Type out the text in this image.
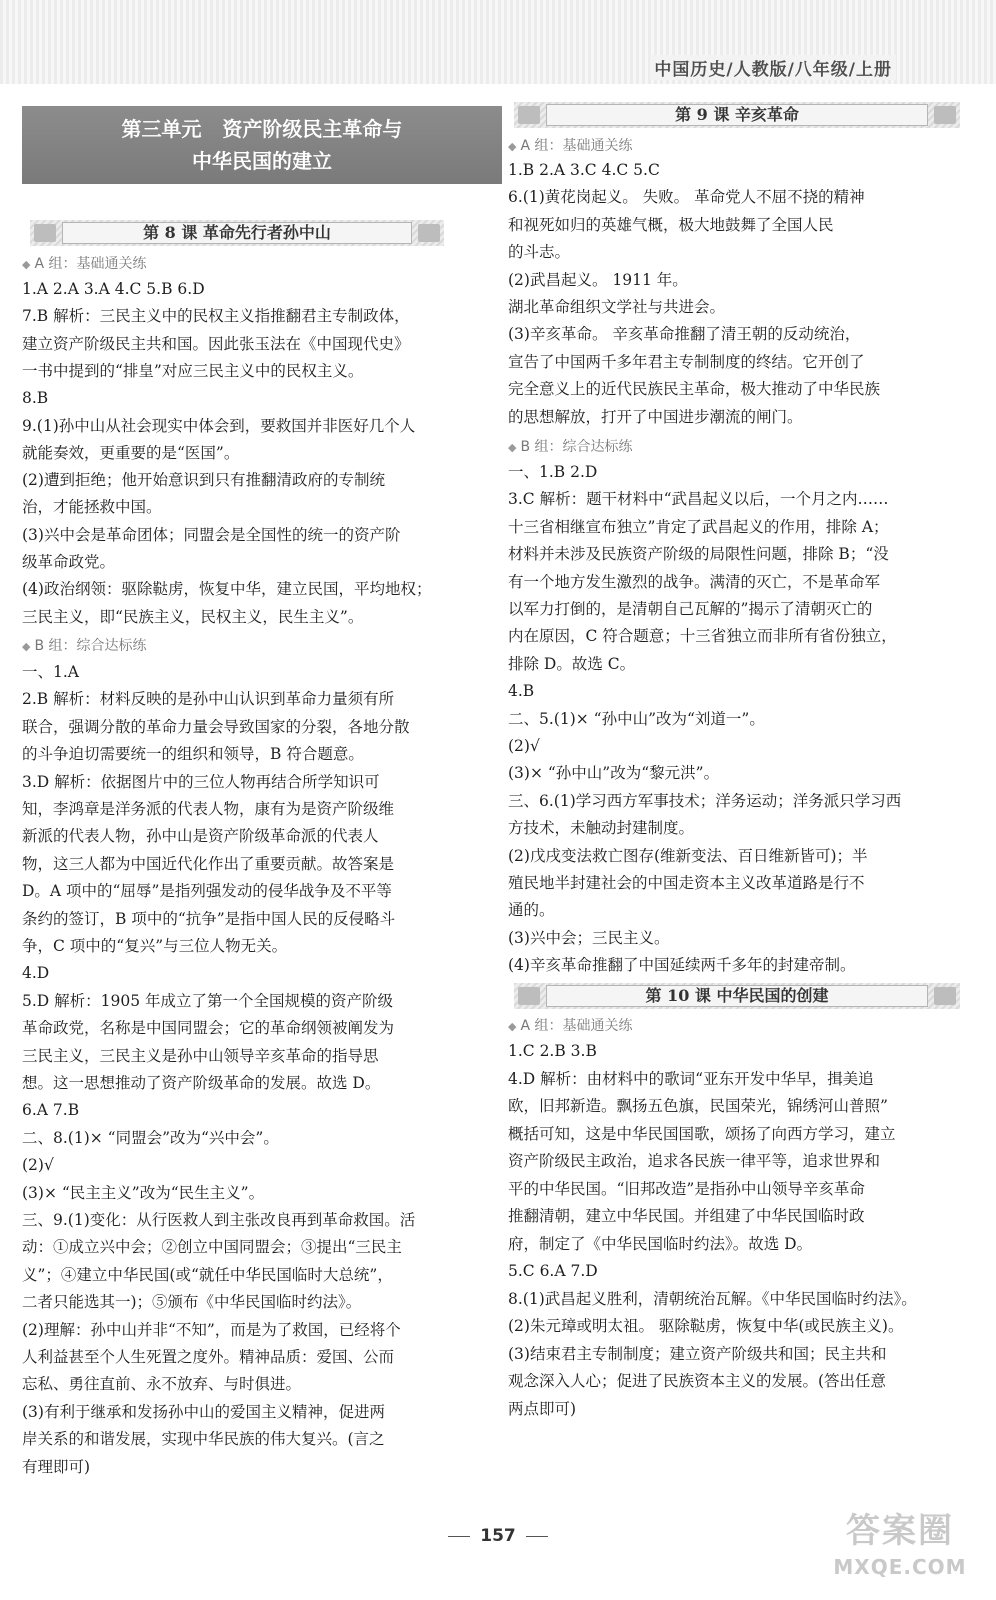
中国历史/人教版/八年级/上册
第三单元   资产阶级民主革命与
中华民国的建立
第 8 课 革命先行者孙中山
◆ A 组：基础通关练
1.A 2.A 3.A 4.C 5.B 6.D
7.B 解析：三民主义中的民权主义指推翻君主专制政体，
建立资产阶级民主共和国。因此张玉法在《中国现代史》
一书中提到的“排皇”对应三民主义中的民权主义。
8.B
9.(1)孙中山从社会现实中体会到，要救国并非医好几个人
就能奏效，更重要的是“医国”。
(2)遭到拒绝；他开始意识到只有推翻清政府的专制统
治，才能拯救中国。
(3)兴中会是革命团体；同盟会是全国性的统一的资产阶
级革命政党。
(4)政治纲领：驱除鞑虏，恢复中华，建立民国，平均地权；
三民主义，即“民族主义，民权主义，民生主义”。
◆ B 组：综合达标练
一、1.A
2.B 解析：材料反映的是孙中山认识到革命力量须有所
联合，强调分散的革命力量会导致国家的分裂，各地分散
的斗争迫切需要统一的组织和领导，B 符合题意。
3.D 解析：依据图片中的三位人物再结合所学知识可
知，李鸿章是洋务派的代表人物，康有为是资产阶级维
新派的代表人物，孙中山是资产阶级革命派的代表人
物，这三人都为中国近代化作出了重要贡献。故答案是
D。A 项中的“屈辱”是指列强发动的侵华战争及不平等
条约的签订，B 项中的“抗争”是指中国人民的反侵略斗
争，C 项中的“复兴”与三位人物无关。
4.D
5.D 解析：1905 年成立了第一个全国规模的资产阶级
革命政党，名称是中国同盟会；它的革命纲领被阐发为
三民主义，三民主义是孙中山领导辛亥革命的指导思
想。这一思想推动了资产阶级革命的发展。故选 D。
6.A 7.B
二、8.(1)× “同盟会”改为“兴中会”。
(2)√
(3)× “民主主义”改为“民生主义”。
三、9.(1)变化：从行医救人到主张改良再到革命救国。活
动：①成立兴中会；②创立中国同盟会；③提出“三民主
义”；④建立中华民国(或“就任中华民国临时大总统”，
二者只能选其一)；⑤颁布《中华民国临时约法》。
(2)理解：孙中山并非“不知”，而是为了救国，已经将个
人利益甚至个人生死置之度外。精神品质：爱国、公而
忘私、勇往直前、永不放弃、与时俱进。
(3)有利于继承和发扬孙中山的爱国主义精神，促进两
岸关系的和谐发展，实现中华民族的伟大复兴。(言之
有理即可)
第 9 课 辛亥革命
◆ A 组：基础通关练
1.B 2.A 3.C 4.C 5.C
6.(1)黄花岗起义。 失败。 革命党人不屈不挠的精神
和视死如归的英雄气概，极大地鼓舞了全国人民
的斗志。
(2)武昌起义。 1911 年。
湖北革命组织文学社与共进会。
(3)辛亥革命。 辛亥革命推翻了清王朝的反动统治，
宣告了中国两千多年君主专制制度的终结。它开创了
完全意义上的近代民族民主革命，极大推动了中华民族
的思想解放，打开了中国进步潮流的闸门。
◆ B 组：综合达标练
一、1.B 2.D
3.C 解析：题干材料中“武昌起义以后，一个月之内……
十三省相继宣布独立”肯定了武昌起义的作用，排除 A；
材料并未涉及民族资产阶级的局限性问题，排除 B；“没
有一个地方发生激烈的战争。满清的灭亡，不是革命军
以军力打倒的，是清朝自己瓦解的”揭示了清朝灭亡的
内在原因，C 符合题意；十三省独立而非所有省份独立，
排除 D。故选 C。
4.B
二、5.(1)× “孙中山”改为“刘道一”。
(2)√
(3)× “孙中山”改为“黎元洪”。
三、6.(1)学习西方军事技术；洋务运动；洋务派只学习西
方技术，未触动封建制度。
(2)戊戌变法救亡图存(维新变法、百日维新皆可)；半
殖民地半封建社会的中国走资本主义改革道路是行不
通的。
(3)兴中会；三民主义。
(4)辛亥革命推翻了中国延续两千多年的封建帝制。
第 10 课 中华民国的创建
◆ A 组：基础通关练
1.C 2.B 3.B
4.D 解析：由材料中的歌词“亚东开发中华早，揖美追
欧，旧邦新造。飘扬五色旗，民国荣光，锦绣河山普照”
概括可知，这是中华民国国歌，颂扬了向西方学习，建立
资产阶级民主政治，追求各民族一律平等，追求世界和
平的中华民国。“旧邦改造”是指孙中山领导辛亥革命
推翻清朝，建立中华民国。并组建了中华民国临时政
府，制定了《中华民国临时约法》。故选 D。
5.C 6.A 7.D
8.(1)武昌起义胜利，清朝统治瓦解。《中华民国临时约法》。
(2)朱元璋或明太祖。 驱除鞑虏，恢复中华(或民族主义)。
(3)结束君主专制制度；建立资产阶级共和国；民主共和
观念深入人心；促进了民族资本主义的发展。(答出任意
两点即可)
157	答案圈
MXQE.COM
